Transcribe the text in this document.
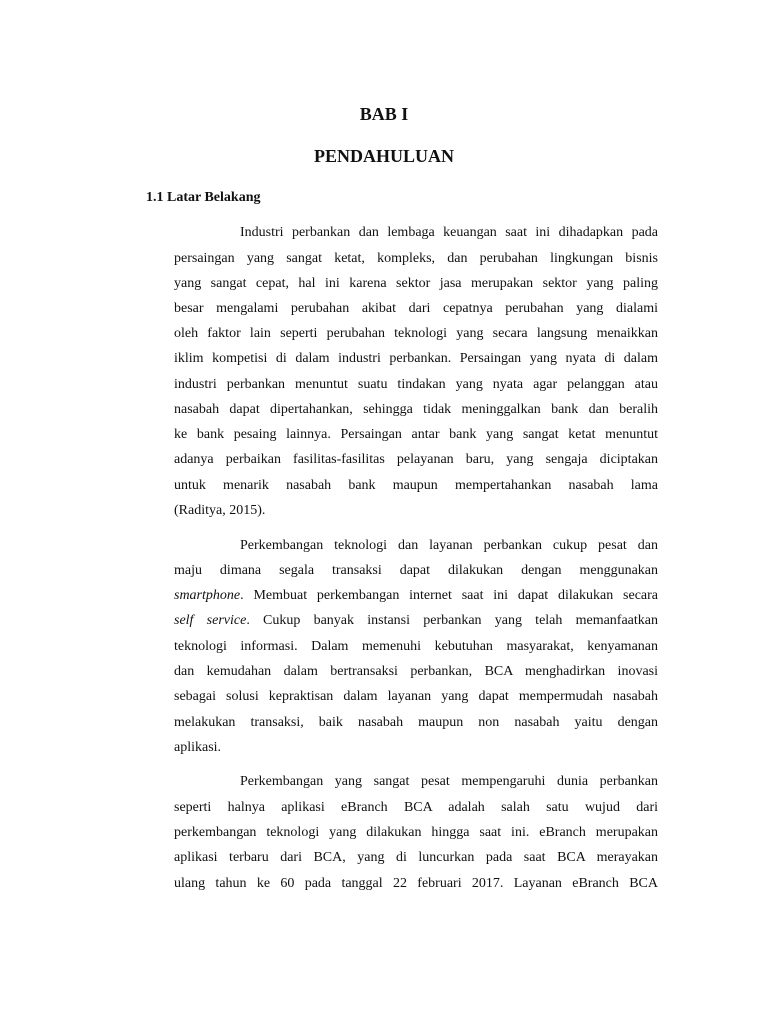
BAB I
PENDAHULUAN
1.1 Latar Belakang
Industri perbankan dan lembaga keuangan saat ini dihadapkan pada
persaingan yang sangat ketat, kompleks, dan perubahan lingkungan bisnis
yang sangat cepat, hal ini karena sektor jasa merupakan sektor yang paling
besar mengalami perubahan akibat dari cepatnya perubahan yang dialami
oleh faktor lain seperti perubahan teknologi yang secara langsung menaikkan
iklim kompetisi di dalam industri perbankan. Persaingan yang nyata di dalam
industri perbankan menuntut suatu tindakan yang nyata agar pelanggan atau
nasabah dapat dipertahankan, sehingga tidak meninggalkan bank dan beralih
ke bank pesaing lainnya. Persaingan antar bank yang sangat ketat menuntut
adanya perbaikan fasilitas-fasilitas pelayanan baru, yang sengaja diciptakan
untuk menarik nasabah bank maupun mempertahankan nasabah lama
(Raditya, 2015).
Perkembangan teknologi dan layanan perbankan cukup pesat dan
maju dimana segala transaksi dapat dilakukan dengan menggunakan
smartphone. Membuat perkembangan internet saat ini dapat dilakukan secara
self service. Cukup banyak instansi perbankan yang telah memanfaatkan
teknologi informasi. Dalam memenuhi kebutuhan masyarakat, kenyamanan
dan kemudahan dalam bertransaksi perbankan, BCA menghadirkan inovasi
sebagai solusi kepraktisan dalam layanan yang dapat mempermudah nasabah
melakukan transaksi, baik nasabah maupun non nasabah yaitu dengan
aplikasi.
Perkembangan yang sangat pesat mempengaruhi dunia perbankan
seperti halnya aplikasi eBranch BCA adalah salah satu wujud dari
perkembangan teknologi yang dilakukan hingga saat ini. eBranch merupakan
aplikasi terbaru dari BCA, yang di luncurkan pada saat BCA merayakan
ulang tahun ke 60 pada tanggal 22 februari 2017. Layanan eBranch BCA
